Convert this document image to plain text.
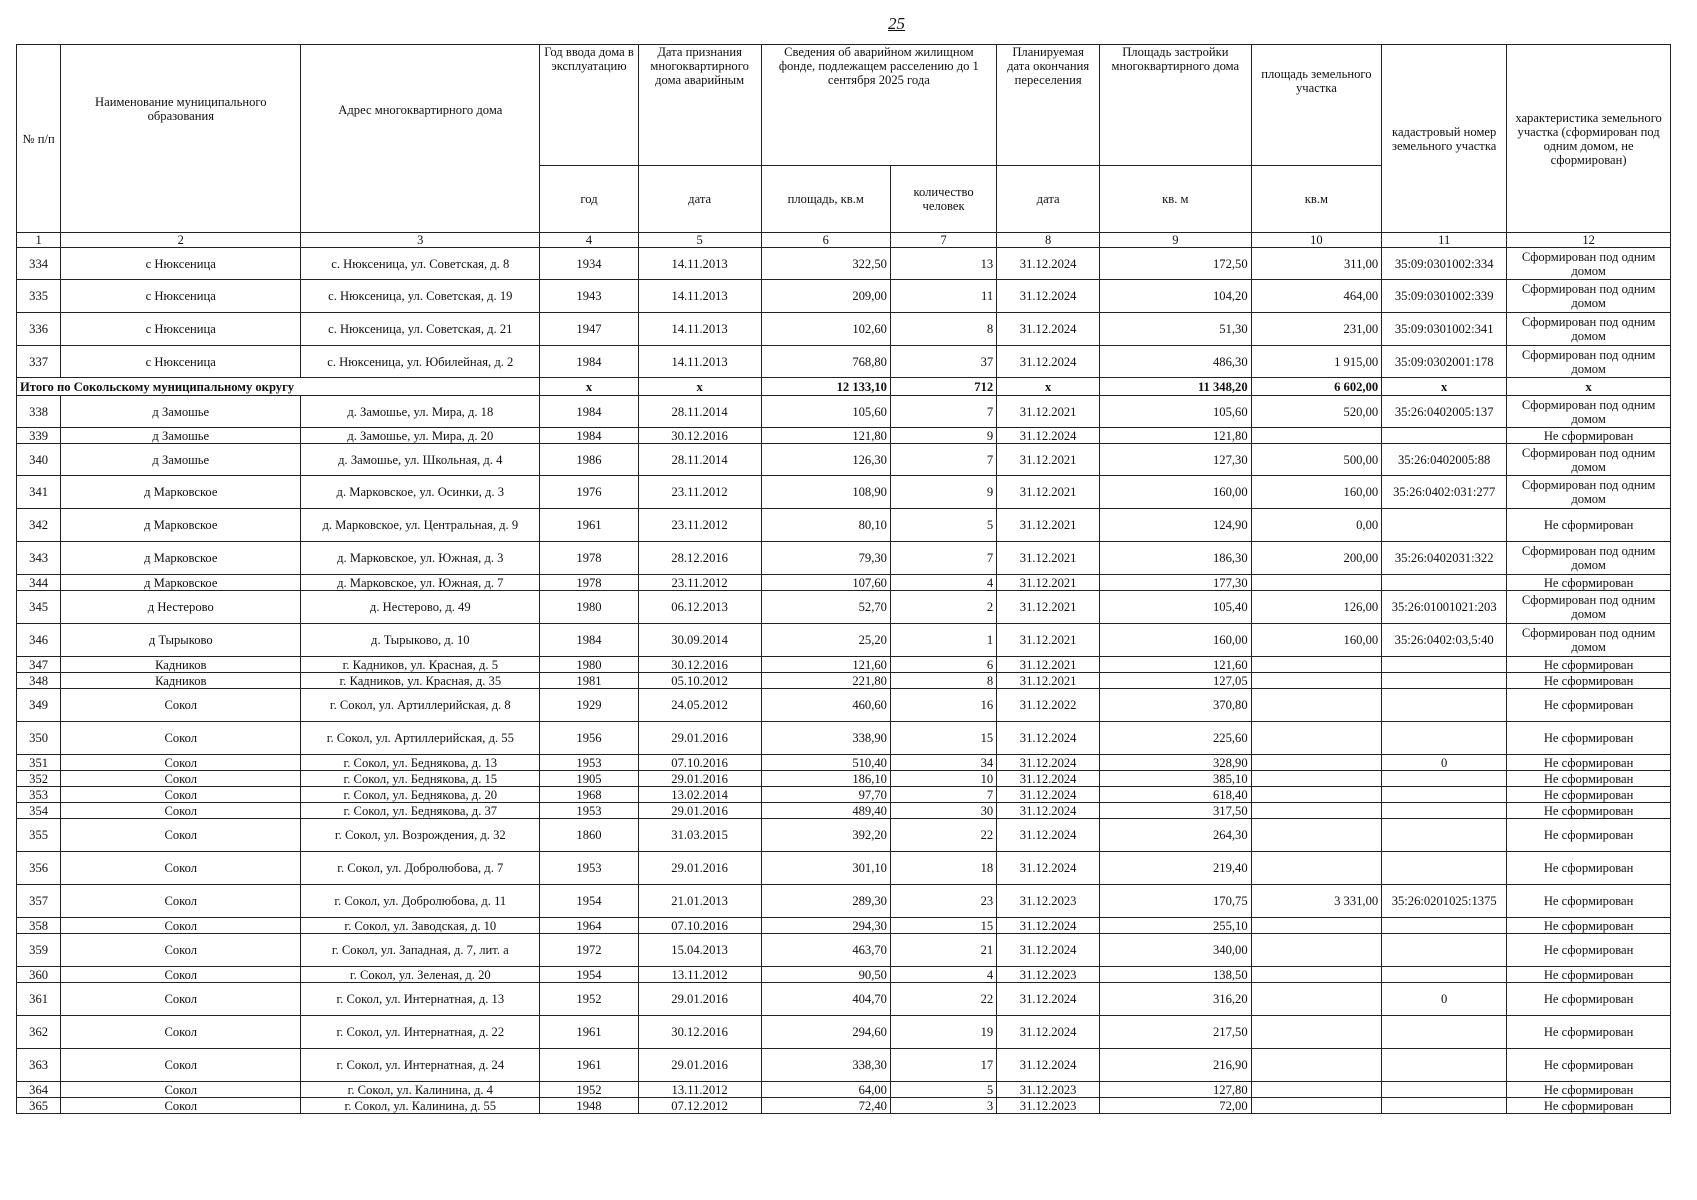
25
№ п/п	Наименование муниципального образования	Адрес многоквартирного дома	Год ввода дома в эксплуатацию	Дата признания многоквартирного дома аварийным	Сведения об аварийном жилищном фонде, подлежащем расселению до 1 сентября 2025 года		Планируемая дата окончания переселения	Площадь застройки многоквартирного дома	площадь земельного участка	кадастровый номер земельного участка	характеристика земельного участка (сформирован под одним домом, не сформирован)
			год	дата	площадь, кв.м	количество человек	дата	кв. м	кв.м		
1	2	3	4	5	6	7	8	9	10	11	12
334	с Нюксеница	с. Нюксеница, ул. Советская, д. 8	1934	14.11.2013	322,50	13	31.12.2024	172,50	311,00	35:09:0301002:334	Сформирован под одним домом
335	с Нюксеница	с. Нюксеница, ул. Советская, д. 19	1943	14.11.2013	209,00	11	31.12.2024	104,20	464,00	35:09:0301002:339	Сформирован под одним домом
336	с Нюксеница	с. Нюксеница, ул. Советская, д. 21	1947	14.11.2013	102,60	8	31.12.2024	51,30	231,00	35:09:0301002:341	Сформирован под одним домом
337	с Нюксеница	с. Нюксеница, ул. Юбилейная, д. 2	1984	14.11.2013	768,80	37	31.12.2024	486,30	1 915,00	35:09:0302001:178	Сформирован под одним домом
Итого по Сокольскому муниципальному округу			x	x	12 133,10	712	x	11 348,20	6 602,00	x	x
338	д Замошье	д. Замошье, ул. Мира, д. 18	1984	28.11.2014	105,60	7	31.12.2021	105,60	520,00	35:26:0402005:137	Сформирован под одним домом
339	д Замошье	д. Замошье, ул. Мира, д. 20	1984	30.12.2016	121,80	9	31.12.2024	121,80			Не сформирован
340	д Замошье	д. Замошье, ул. Школьная, д. 4	1986	28.11.2014	126,30	7	31.12.2021	127,30	500,00	35:26:0402005:88	Сформирован под одним домом
341	д Марковское	д. Марковское, ул. Осинки, д. 3	1976	23.11.2012	108,90	9	31.12.2021	160,00	160,00	35:26:0402:031:277	Сформирован под одним домом
342	д Марковское	д. Марковское, ул. Центральная, д. 9	1961	23.11.2012	80,10	5	31.12.2021	124,90	0,00		Не сформирован
343	д Марковское	д. Марковское, ул. Южная, д. 3	1978	28.12.2016	79,30	7	31.12.2021	186,30	200,00	35:26:0402031:322	Сформирован под одним домом
344	д Марковское	д. Марковское, ул. Южная, д. 7	1978	23.11.2012	107,60	4	31.12.2021	177,30			Не сформирован
345	д Нестерово	д. Нестерово, д. 49	1980	06.12.2013	52,70	2	31.12.2021	105,40	126,00	35:26:01001021:203	Сформирован под одним домом
346	д Тырыково	д. Тырыково, д. 10	1984	30.09.2014	25,20	1	31.12.2021	160,00	160,00	35:26:0402:03,5:40	Сформирован под одним домом
347	Кадников	г. Кадников, ул. Красная, д. 5	1980	30.12.2016	121,60	6	31.12.2021	121,60			Не сформирован
348	Кадников	г. Кадников, ул. Красная, д. 35	1981	05.10.2012	221,80	8	31.12.2021	127,05			Не сформирован
349	Сокол	г. Сокол, ул. Артиллерийская, д. 8	1929	24.05.2012	460,60	16	31.12.2022	370,80			Не сформирован
350	Сокол	г. Сокол, ул. Артиллерийская, д. 55	1956	29.01.2016	338,90	15	31.12.2024	225,60			Не сформирован
351	Сокол	г. Сокол, ул. Беднякова, д. 13	1953	07.10.2016	510,40	34	31.12.2024	328,90		0	Не сформирован
352	Сокол	г. Сокол, ул. Беднякова, д. 15	1905	29.01.2016	186,10	10	31.12.2024	385,10			Не сформирован
353	Сокол	г. Сокол, ул. Беднякова, д. 20	1968	13.02.2014	97,70	7	31.12.2024	618,40			Не сформирован
354	Сокол	г. Сокол, ул. Беднякова, д. 37	1953	29.01.2016	489,40	30	31.12.2024	317,50			Не сформирован
355	Сокол	г. Сокол, ул. Возрождения, д. 32	1860	31.03.2015	392,20	22	31.12.2024	264,30			Не сформирован
356	Сокол	г. Сокол, ул. Добролюбова, д. 7	1953	29.01.2016	301,10	18	31.12.2024	219,40			Не сформирован
357	Сокол	г. Сокол, ул. Добролюбова, д. 11	1954	21.01.2013	289,30	23	31.12.2023	170,75	3 331,00	35:26:0201025:1375	Не сформирован
358	Сокол	г. Сокол, ул. Заводская, д. 10	1964	07.10.2016	294,30	15	31.12.2024	255,10			Не сформирован
359	Сокол	г. Сокол, ул. Западная, д. 7, лит. а	1972	15.04.2013	463,70	21	31.12.2024	340,00			Не сформирован
360	Сокол	г. Сокол, ул. Зеленая, д. 20	1954	13.11.2012	90,50	4	31.12.2023	138,50			Не сформирован
361	Сокол	г. Сокол, ул. Интернатная, д. 13	1952	29.01.2016	404,70	22	31.12.2024	316,20		0	Не сформирован
362	Сокол	г. Сокол, ул. Интернатная, д. 22	1961	30.12.2016	294,60	19	31.12.2024	217,50			Не сформирован
363	Сокол	г. Сокол, ул. Интернатная, д. 24	1961	29.01.2016	338,30	17	31.12.2024	216,90			Не сформирован
364	Сокол	г. Сокол, ул. Калинина, д. 4	1952	13.11.2012	64,00	5	31.12.2023	127,80			Не сформирован
365	Сокол	г. Сокол, ул. Калинина, д. 55	1948	07.12.2012	72,40	3	31.12.2023	72,00			Не сформирован
